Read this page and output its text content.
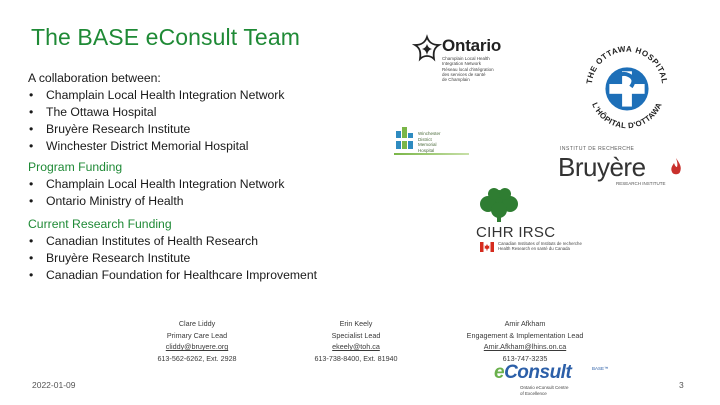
The BASE eConsult Team
A collaboration between:
• Champlain Local Health Integration Network
• The Ottawa Hospital
• Bruyère Research Institute
• Winchester District Memorial Hospital
Program Funding
• Champlain Local Health Integration Network
• Ontario Ministry of Health
Current Research Funding
• Canadian Institutes of Health Research
• Bruyère Research Institute
• Canadian Foundation for Healthcare Improvement
Ontario
Champlain Local Health
Integration Network
Réseau local d'intégration
des services de santé
de Champlain	THE OTTAWA HOSPITAL
L'HÔPITAL D'OTTAWA
Winchester
District
Memorial
Hospital	INSTITUT DE RECHERCHE
Bruyère
RESEARCH INSTITUTE
CIHR IRSC
Canadian Institutes of Instituts de recherche
Health Research en santé du Canada
Clare Liddy
Primary Care Lead
cliddy@bruyere.org
613-562-6262, Ext. 2928
Erin Keely
Specialist Lead
ekeely@toh.ca
613-738-8400, Ext. 81940
Amir Afkham
Engagement & Implementation Lead
Amir.Afkham@lhins.on.ca
613-747-3235
eConsult	BASE™
Ontario eConsult Centre
of Excellence
2022-01-09	3
